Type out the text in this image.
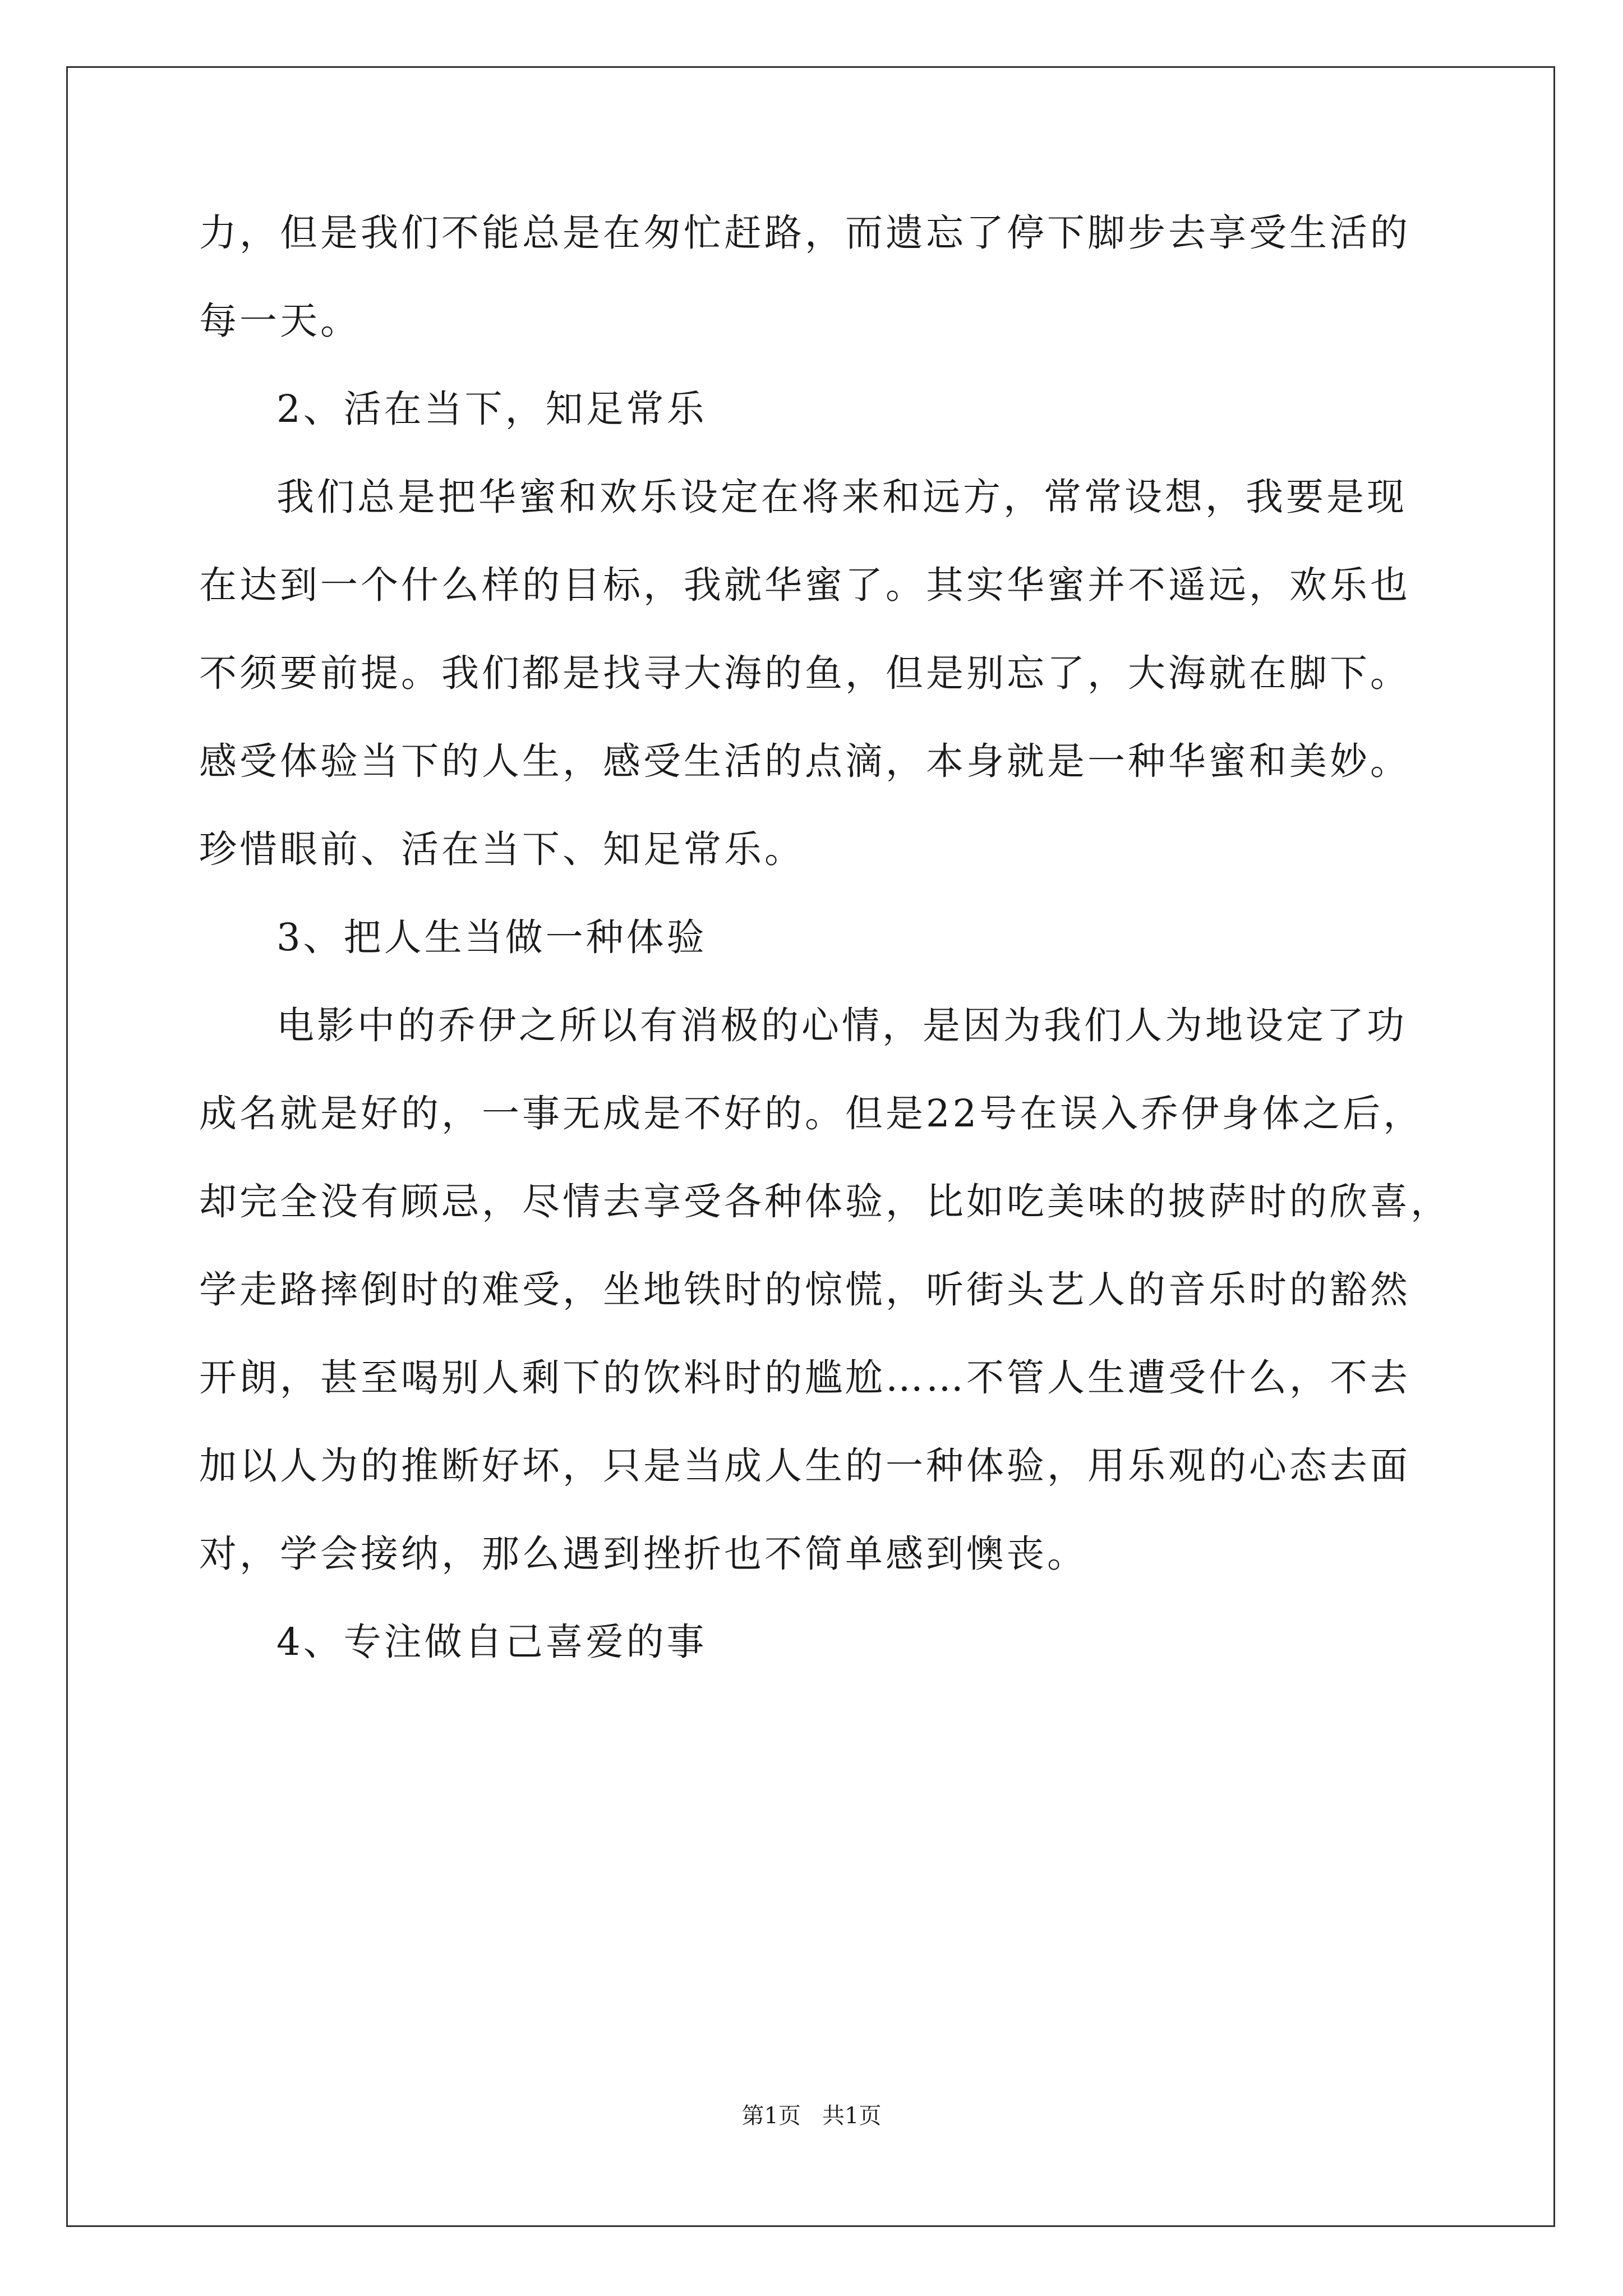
力，但是我们不能总是在匆忙赶路，而遗忘了停下脚步去享受生活的
每一天。
2、活在当下，知足常乐
我们总是把华蜜和欢乐设定在将来和远方，常常设想，我要是现
在达到一个什么样的目标，我就华蜜了。其实华蜜并不遥远，欢乐也
不须要前提。我们都是找寻大海的鱼，但是别忘了，大海就在脚下。
感受体验当下的人生，感受生活的点滴，本身就是一种华蜜和美妙。
珍惜眼前、活在当下、知足常乐。
3、把人生当做一种体验
电影中的乔伊之所以有消极的心情，是因为我们人为地设定了功
成名就是好的，一事无成是不好的。但是22号在误入乔伊身体之后，
却完全没有顾忌，尽情去享受各种体验，比如吃美味的披萨时的欣喜，
学走路摔倒时的难受，坐地铁时的惊慌，听街头艺人的音乐时的豁然
开朗，甚至喝别人剩下的饮料时的尴尬……不管人生遭受什么，不去
加以人为的推断好坏，只是当成人生的一种体验，用乐观的心态去面
对，学会接纳，那么遇到挫折也不简单感到懊丧。
4、专注做自己喜爱的事
第1页   共1页
